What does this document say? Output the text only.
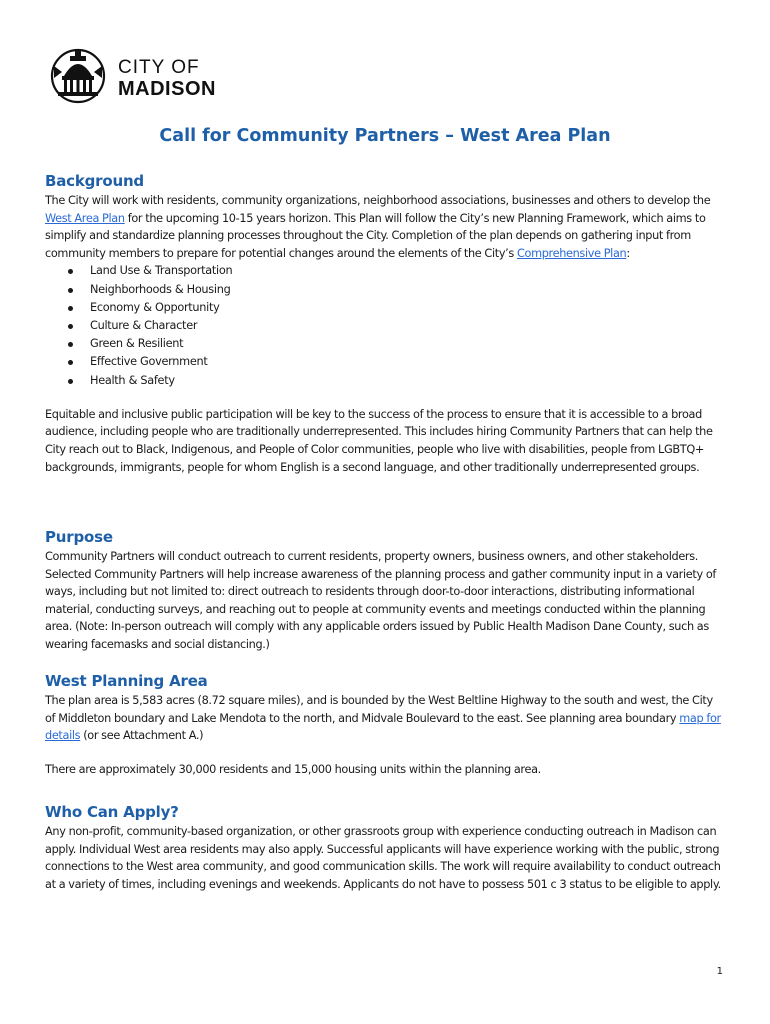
CITY OF
MADISON
Call for Community Partners – West Area Plan
Background

The City will work with residents, community organizations, neighborhood associations, businesses and others to develop the West Area Plan for the upcoming 10-15 years horizon. This Plan will follow the City’s new Planning Framework, which aims to simplify and standardize planning processes throughout the City. Completion of the plan depends on gathering input from community members to prepare for potential changes around the elements of the City’s Comprehensive Plan:

Land Use & Transportation
Neighborhoods & Housing
Economy & Opportunity
Culture & Character
Green & Resilient
Effective Government
Health & Safety

Equitable and inclusive public participation will be key to the success of the process to ensure that it is accessible to a broad audience, including people who are traditionally underrepresented. This includes hiring Community Partners that can help the City reach out to Black, Indigenous, and People of Color communities, people who live with disabilities, people from LGBTQ+ backgrounds, immigrants, people for whom English is a second language, and other traditionally underrepresented groups.

Purpose

Community Partners will conduct outreach to current residents, property owners, business owners, and other stakeholders. Selected Community Partners will help increase awareness of the planning process and gather community input in a variety of ways, including but not limited to: direct outreach to residents through door-to-door interactions, distributing informational material, conducting surveys, and reaching out to people at community events and meetings conducted within the planning area. (Note: In-person outreach will comply with any applicable orders issued by Public Health Madison Dane County, such as wearing facemasks and social distancing.)

West Planning Area

The plan area is 5,583 acres (8.72 square miles), and is bounded by the West Beltline Highway to the south and west, the City of Middleton boundary and Lake Mendota to the north, and Midvale Boulevard to the east. See planning area boundary map for details (or see Attachment A.)

There are approximately 30,000 residents and 15,000 housing units within the planning area.

Who Can Apply?

Any non-profit, community-based organization, or other grassroots group with experience conducting outreach in Madison can apply. Individual West area residents may also apply. Successful applicants will have experience working with the public, strong connections to the West area community, and good communication skills. The work will require availability to conduct outreach at a variety of times, including evenings and weekends. Applicants do not have to possess 501 c 3 status to be eligible to apply.

1
